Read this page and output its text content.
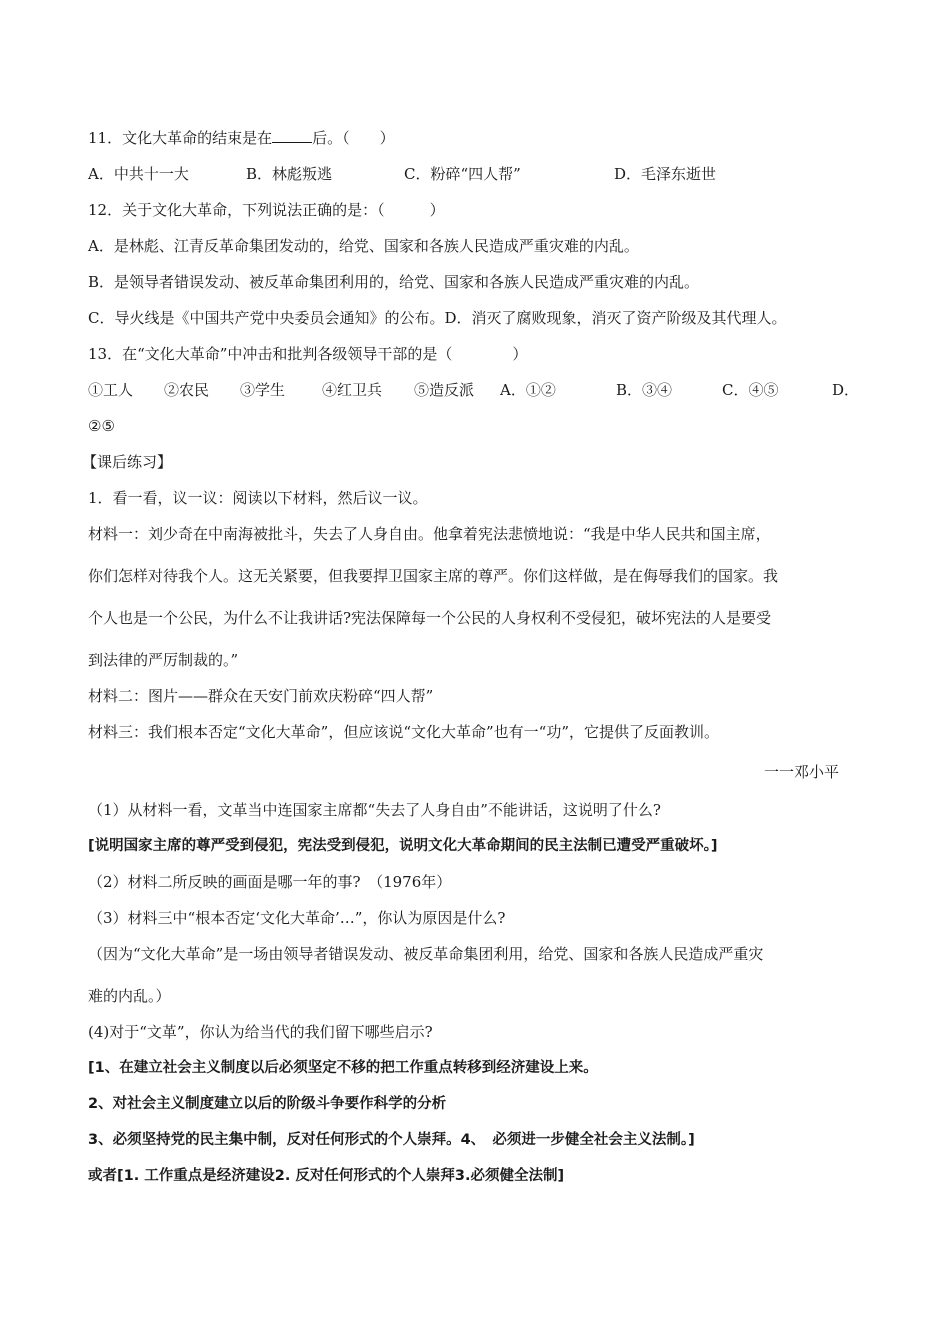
11．文化大革命的结束是在	后。（　　）
A．中共十一大	B．林彪叛逃	C．粉碎“四人帮”	D．毛泽东逝世
12．关于文化大革命，下列说法正确的是：（　　　）
A．是林彪、江青反革命集团发动的，给党、国家和各族人民造成严重灾难的内乱。
B．是领导者错误发动、被反革命集团利用的，给党、国家和各族人民造成严重灾难的内乱。
C．导火线是《中国共产党中央委员会通知》的公布。D．消灭了腐败现象，消灭了资产阶级及其代理人。
13．在“文化大革命”中冲击和批判各级领导干部的是（　　　　）
①工人 ②农民 ③学生 ④红卫兵 ⑤造反派 A．①②	B．③④	C．④⑤	D．
②⑤
【课后练习】
1．看一看，议一议：阅读以下材料，然后议一议。
材料一：刘少奇在中南海被批斗，失去了人身自由。他拿着宪法悲愤地说：“我是中华人民共和国主席，
你们怎样对待我个人。这无关紧要，但我要捍卫国家主席的尊严。你们这样做，是在侮辱我们的国家。我
个人也是一个公民，为什么不让我讲话?宪法保障每一个公民的人身权利不受侵犯，破坏宪法的人是要受
到法律的严厉制裁的。”
材料二：图片——群众在天安门前欢庆粉碎“四人帮”
材料三：我们根本否定“文化大革命”，但应该说“文化大革命”也有一“功”，它提供了反面教训。
一一邓小平
（1）从材料一看，文革当中连国家主席都“失去了人身自由”不能讲话，这说明了什么?
[说明国家主席的尊严受到侵犯，宪法受到侵犯，说明文化大革命期间的民主法制已遭受严重破坏。]
（2）材料二所反映的画面是哪一年的事?　（1976年）
（3）材料三中“根本否定‘文化大革命’…”，你认为原因是什么?
（因为“文化大革命”是一场由领导者错误发动、被反革命集团利用，给党、国家和各族人民造成严重灾
难的内乱。）
(4)对于“文革”，你认为给当代的我们留下哪些启示?
[1、在建立社会主义制度以后必须坚定不移的把工作重点转移到经济建设上来。
2、对社会主义制度建立以后的阶级斗争要作科学的分析
3、必须坚持党的民主集中制，反对任何形式的个人崇拜。4、　必须进一步健全社会主义法制。]
或者[1. 工作重点是经济建设2. 反对任何形式的个人崇拜3.必须健全法制]
